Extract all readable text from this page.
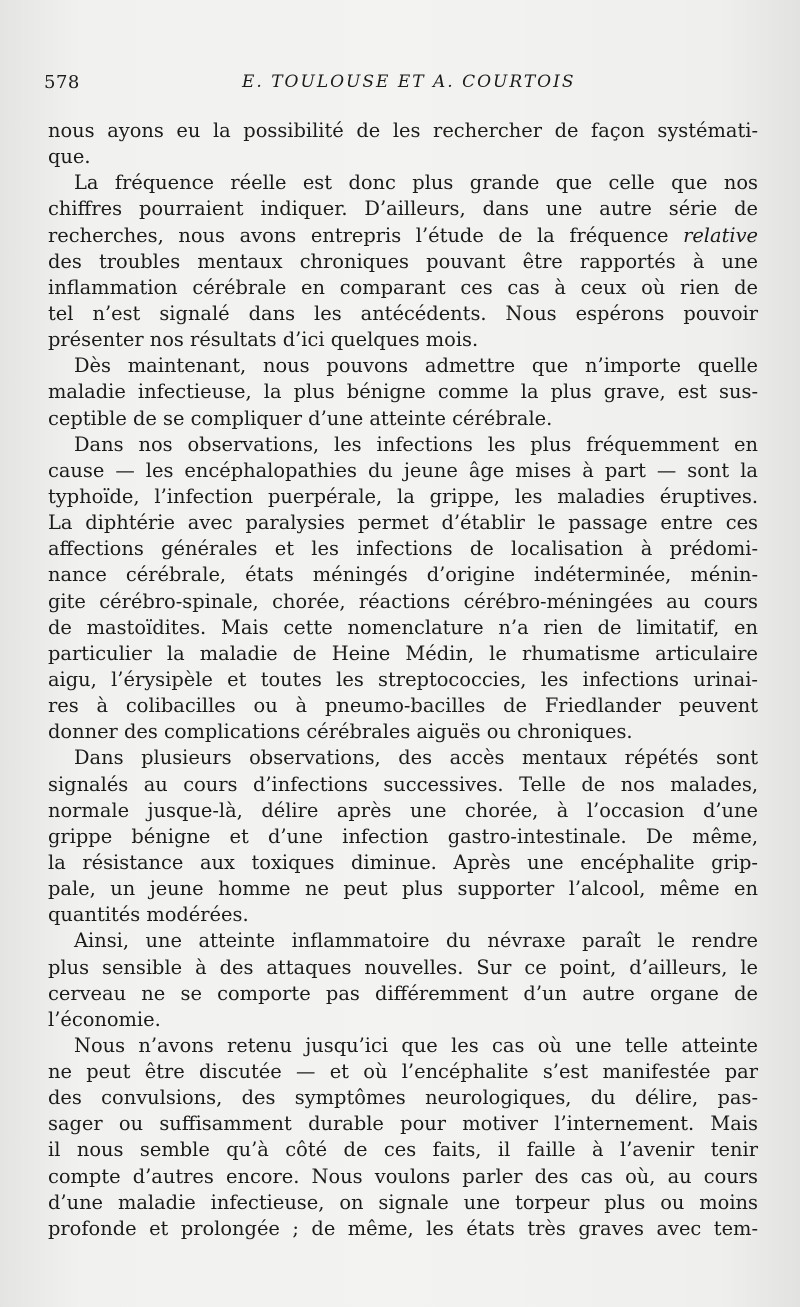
578	E. TOULOUSE ET A. COURTOIS
nous ayons eu la possibilité de les rechercher de façon systémati-
que.
La fréquence réelle est donc plus grande que celle que nos
chiffres pourraient indiquer. D’ailleurs, dans une autre série de
recherches, nous avons entrepris l’étude de la fréquence relative
des troubles mentaux chroniques pouvant être rapportés à une
inflammation cérébrale en comparant ces cas à ceux où rien de
tel n’est signalé dans les antécédents. Nous espérons pouvoir
présenter nos résultats d’ici quelques mois.
Dès maintenant, nous pouvons admettre que n’importe quelle
maladie infectieuse, la plus bénigne comme la plus grave, est sus-
ceptible de se compliquer d’une atteinte cérébrale.
Dans nos observations, les infections les plus fréquemment en
cause — les encéphalopathies du jeune âge mises à part — sont la
typhoïde, l’infection puerpérale, la grippe, les maladies éruptives.
La diphtérie avec paralysies permet d’établir le passage entre ces
affections générales et les infections de localisation à prédomi-
nance cérébrale, états méningés d’origine indéterminée, ménin-
gite cérébro-spinale, chorée, réactions cérébro-méningées au cours
de mastoïdites. Mais cette nomenclature n’a rien de limitatif, en
particulier la maladie de Heine Médin, le rhumatisme articulaire
aigu, l’érysipèle et toutes les streptococcies, les infections urinai-
res à colibacilles ou à pneumo-bacilles de Friedlander peuvent
donner des complications cérébrales aiguës ou chroniques.
Dans plusieurs observations, des accès mentaux répétés sont
signalés au cours d’infections successives. Telle de nos malades,
normale jusque-là, délire après une chorée, à l’occasion d’une
grippe bénigne et d’une infection gastro-intestinale. De même,
la résistance aux toxiques diminue. Après une encéphalite grip-
pale, un jeune homme ne peut plus supporter l’alcool, même en
quantités modérées.
Ainsi, une atteinte inflammatoire du névraxe paraît le rendre
plus sensible à des attaques nouvelles. Sur ce point, d’ailleurs, le
cerveau ne se comporte pas différemment d’un autre organe de
l’économie.
Nous n’avons retenu jusqu’ici que les cas où une telle atteinte
ne peut être discutée — et où l’encéphalite s’est manifestée par
des convulsions, des symptômes neurologiques, du délire, pas-
sager ou suffisamment durable pour motiver l’internement. Mais
il nous semble qu’à côté de ces faits, il faille à l’avenir tenir
compte d’autres encore. Nous voulons parler des cas où, au cours
d’une maladie infectieuse, on signale une torpeur plus ou moins
profonde et prolongée ; de même, les états très graves avec tem-
